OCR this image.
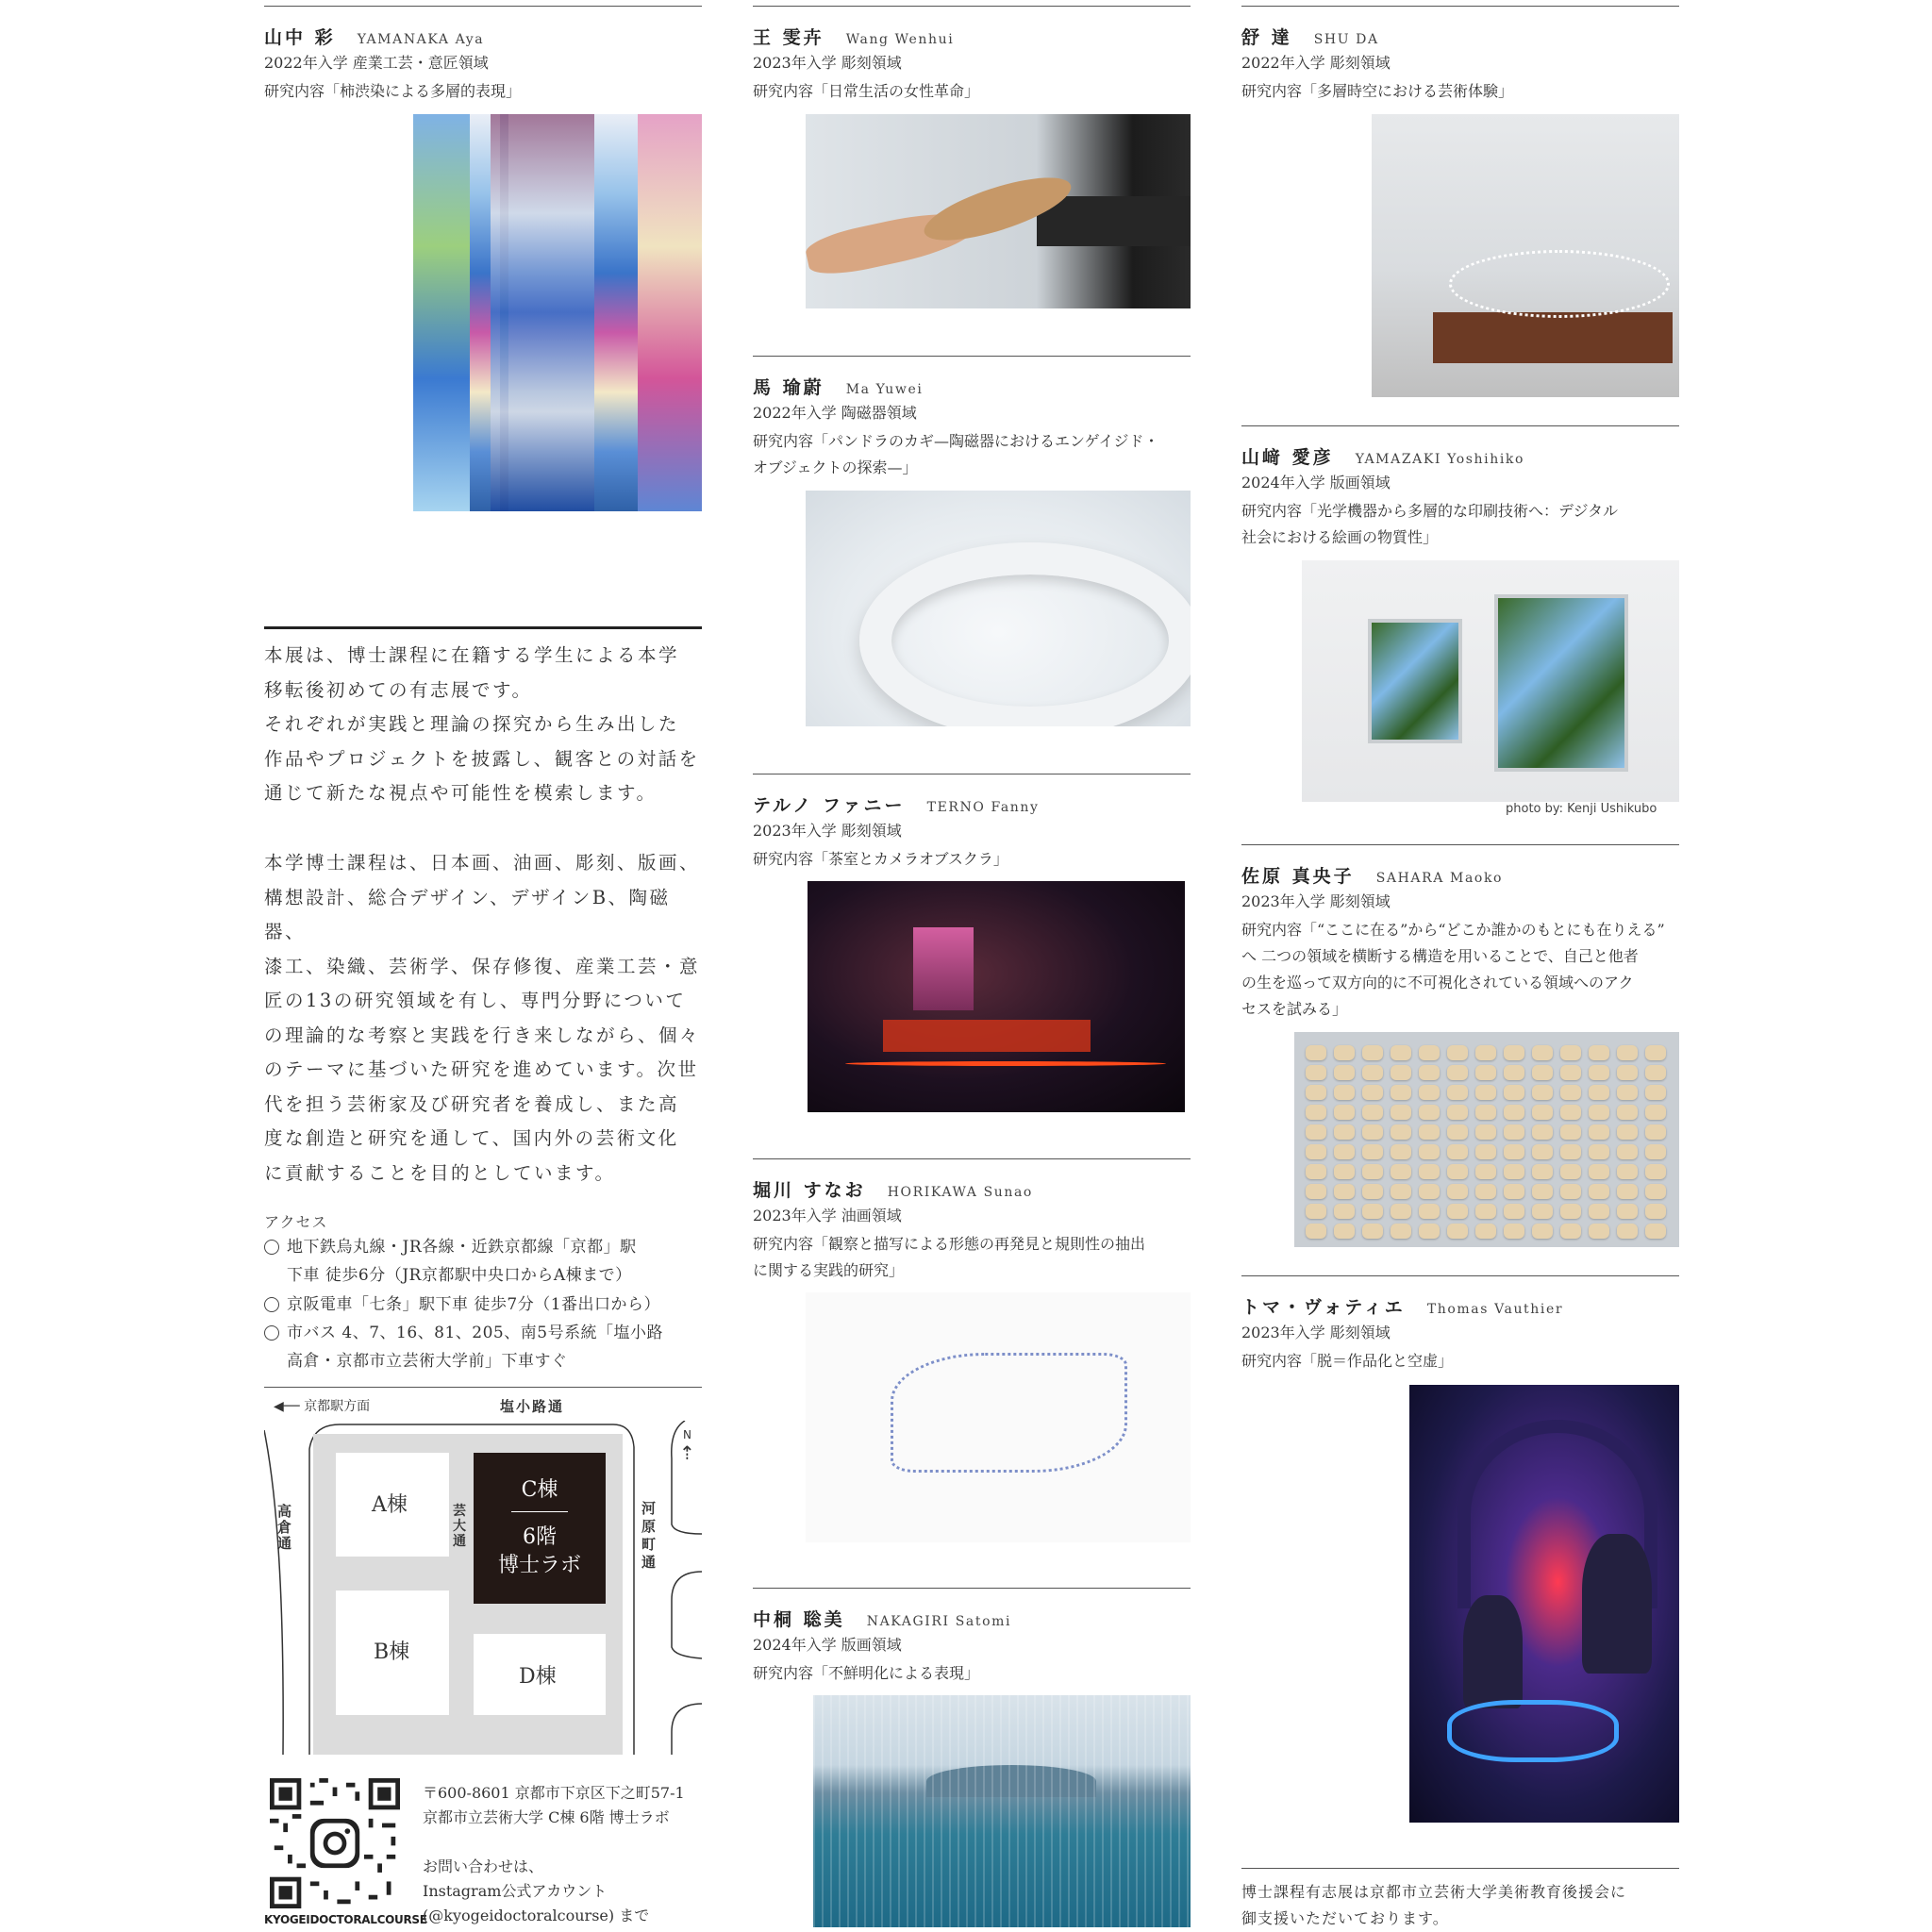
山中 彩 YAMANAKA Aya
2022年入学 産業工芸・意匠領域
研究内容「柿渋染による多層的表現」
本展は、博士課程に在籍する学生による本学
移転後初めての有志展です。
それぞれが実践と理論の探究から生み出した
作品やプロジェクトを披露し、観客との対話を
通じて新たな視点や可能性を模索します。
本学博士課程は、日本画、油画、彫刻、版画、
構想設計、総合デザイン、デザインB、陶磁器、
漆工、染織、芸術学、保存修復、産業工芸・意
匠の13の研究領域を有し、専門分野について
の理論的な考察と実践を行き来しながら、個々
のテーマに基づいた研究を進めています。次世
代を担う芸術家及び研究者を養成し、また高
度な創造と研究を通して、国内外の芸術文化
に貢献することを目的としています。
アクセス
地下鉄烏丸線・JR各線・近鉄京都線「京都」駅
下車 徒歩6分（JR京都駅中央口からA棟まで）
京阪電車「七条」駅下車 徒歩7分（1番出口から）
市バス 4、7、16、81、205、南5号系統「塩小路
高倉・京都市立芸術大学前」下車すぐ
◀── 京都駅方面	塩小路通
A棟
B棟
C棟
6階
博士ラボ
D棟
高倉通
芸大通
河原町通
N
⇡
KYOGEIDOCTORALCOURSE
〒600-8601 京都市下京区下之町57-1
京都市立芸術大学 C棟 6階 博士ラボ
お問い合わせは、
Instagram公式アカウント
(@kyogeidoctoralcourse) まで
王 雯卉 Wang Wenhui
2023年入学 彫刻領域
研究内容「日常生活の女性革命」
馬 瑜蔚 Ma Yuwei
2022年入学 陶磁器領域
研究内容「パンドラのカギ—陶磁器におけるエンゲイジド・
オブジェクトの探索—」
テルノ ファニー TERNO Fanny
2023年入学 彫刻領域
研究内容「茶室とカメラオブスクラ」
堀川 すなお HORIKAWA Sunao
2023年入学 油画領域
研究内容「観察と描写による形態の再発見と規則性の抽出
に関する実践的研究」
中桐 聡美 NAKAGIRI Satomi
2024年入学 版画領域
研究内容「不鮮明化による表現」
舒 達 SHU DA
2022年入学 彫刻領域
研究内容「多層時空における芸術体験」
山﨑 愛彦 YAMAZAKI Yoshihiko
2024年入学 版画領域
研究内容「光学機器から多層的な印刷技術へ：デジタル
社会における絵画の物質性」
photo by: Kenji Ushikubo
佐原 真央子 SAHARA Maoko
2023年入学 彫刻領域
研究内容「“ここに在る”から“どこか誰かのもとにも在りえる”
へ 二つの領域を横断する構造を用いることで、自己と他者
の生を巡って双方向的に不可視化されている領域へのアク
セスを試みる」
トマ・ヴォティエ Thomas Vauthier
2023年入学 彫刻領域
研究内容「脱＝作品化と空虚」
博士課程有志展は京都市立芸術大学美術教育後援会に
御支援いただいております。
